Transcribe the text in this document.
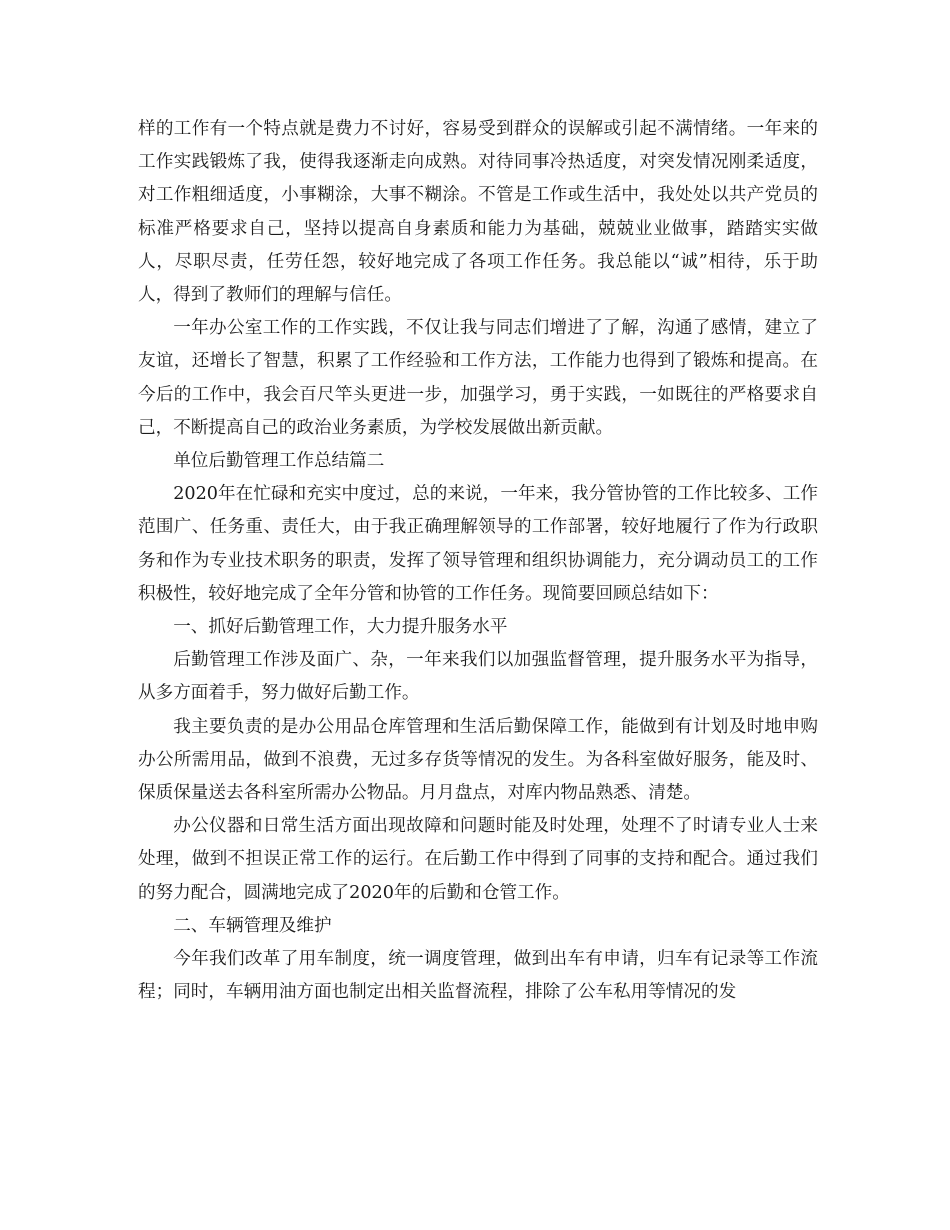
样的工作有一个特点就是费力不讨好，容易受到群众的误解或引起不满情绪。一年来的工作实践锻炼了我，使得我逐渐走向成熟。对待同事冷热适度，对突发情况刚柔适度，对工作粗细适度，小事糊涂，大事不糊涂。不管是工作或生活中，我处处以共产党员的标准严格要求自己，坚持以提高自身素质和能力为基础，兢兢业业做事，踏踏实实做人，尽职尽责，任劳任怨，较好地完成了各项工作任务。我总能以“诚”相待，乐于助人，得到了教师们的理解与信任。

一年办公室工作的工作实践，不仅让我与同志们增进了了解，沟通了感情，建立了友谊，还增长了智慧，积累了工作经验和工作方法，工作能力也得到了锻炼和提高。在今后的工作中，我会百尺竿头更进一步，加强学习，勇于实践，一如既往的严格要求自己，不断提高自己的政治业务素质，为学校发展做出新贡献。

单位后勤管理工作总结篇二

2020年在忙碌和充实中度过，总的来说，一年来，我分管协管的工作比较多、工作范围广、任务重、责任大，由于我正确理解领导的工作部署，较好地履行了作为行政职务和作为专业技术职务的职责，发挥了领导管理和组织协调能力，充分调动员工的工作积极性，较好地完成了全年分管和协管的工作任务。现简要回顾总结如下：

一、抓好后勤管理工作，大力提升服务水平

后勤管理工作涉及面广、杂，一年来我们以加强监督管理，提升服务水平为指导，从多方面着手，努力做好后勤工作。

我主要负责的是办公用品仓库管理和生活后勤保障工作，能做到有计划及时地申购办公所需用品，做到不浪费，无过多存货等情况的发生。为各科室做好服务，能及时、保质保量送去各科室所需办公物品。月月盘点，对库内物品熟悉、清楚。

办公仪器和日常生活方面出现故障和问题时能及时处理，处理不了时请专业人士来处理，做到不担误正常工作的运行。在后勤工作中得到了同事的支持和配合。通过我们的努力配合，圆满地完成了2020年的后勤和仓管工作。

二、车辆管理及维护

今年我们改革了用车制度，统一调度管理，做到出车有申请，归车有记录等工作流程；同时，车辆用油方面也制定出相关监督流程，排除了公车私用等情况的发
